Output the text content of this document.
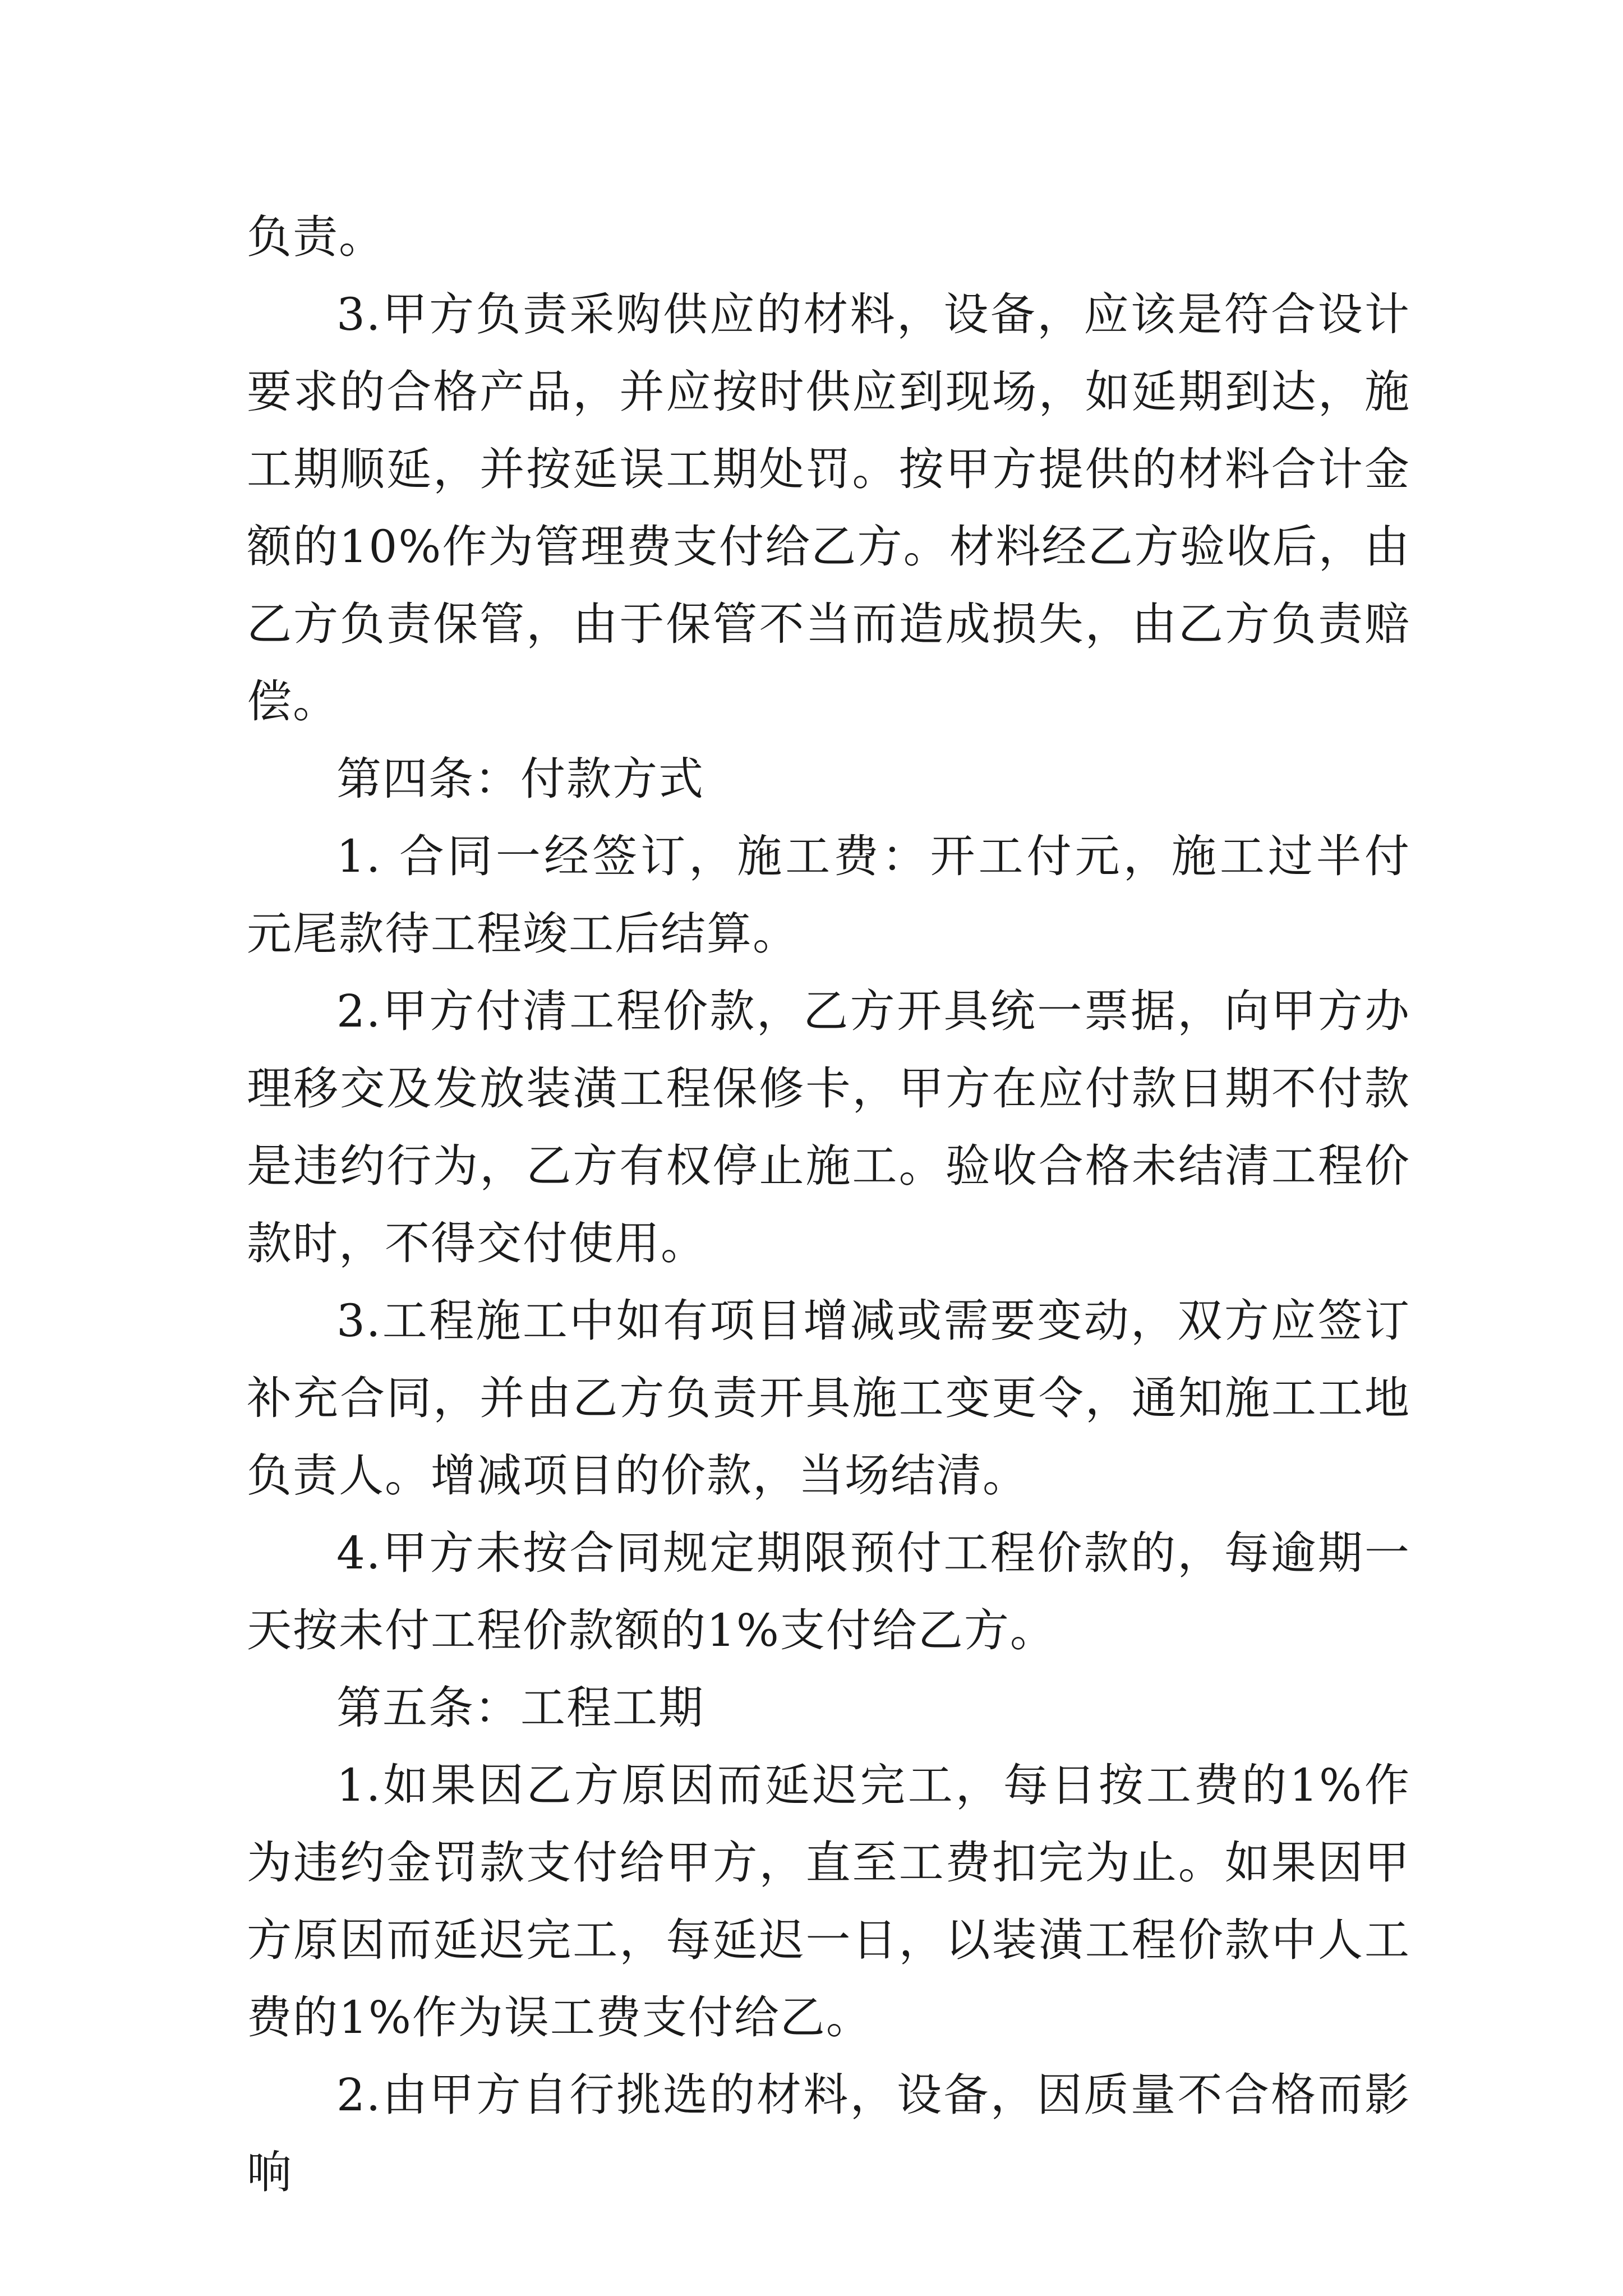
负责。

3.甲方负责采购供应的材料，设备，应该是符合设计要求的合格产品，并应按时供应到现场，如延期到达，施工期顺延，并按延误工期处罚。按甲方提供的材料合计金额的10%作为管理费支付给乙方。材料经乙方验收后，由乙方负责保管，由于保管不当而造成损失，由乙方负责赔偿。

第四条：付款方式

1. 合同一经签订，施工费：开工付元，施工过半付 元尾款待工程竣工后结算。

2.甲方付清工程价款，乙方开具统一票据，向甲方办理移交及发放装潢工程保修卡，甲方在应付款日期不付款是违约行为，乙方有权停止施工。验收合格未结清工程价款时，不得交付使用。

3.工程施工中如有项目增减或需要变动，双方应签订补充合同，并由乙方负责开具施工变更令，通知施工工地负责人。增减项目的价款，当场结清。

4.甲方未按合同规定期限预付工程价款的，每逾期一天按未付工程价款额的1%支付给乙方。

第五条：工程工期

1.如果因乙方原因而延迟完工，每日按工费的1%作为违约金罚款支付给甲方，直至工费扣完为止。如果因甲方原因而延迟完工，每延迟一日，以装潢工程价款中人工费的1%作为误工费支付给乙。

2.由甲方自行挑选的材料，设备，因质量不合格而影响
